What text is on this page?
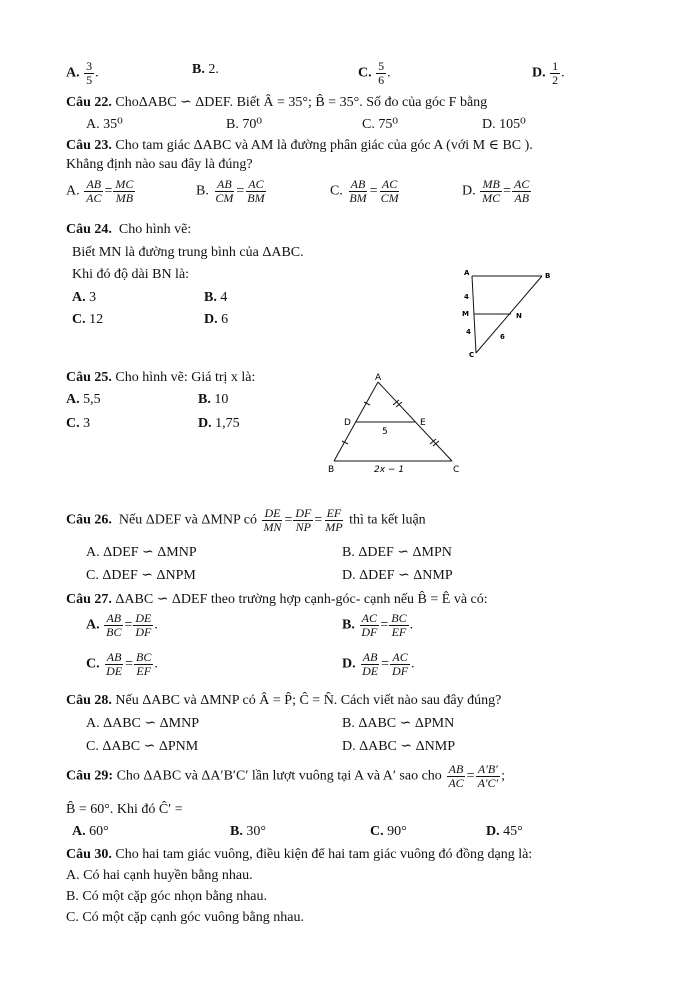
A. $\frac{3}{5}$ .	B. 2.	C. $\frac{5}{6}$ .	D. $\frac{1}{2}$ .
Câu 22. ChoΔABC ∽ ΔDEF. Biết Â = 35°; B̂ = 35°. Số đo của góc F bằng
A. 35⁰	B. 70⁰	C. 75⁰	D. 105⁰
Câu 23. Cho tam giác ΔABC và AM là đường phân giác của góc A (với M ∈ BC ).
Khẳng định nào sau đây là đúng?
A. $\frac{AB}{AC} = \frac{MC}{MB}$	B. $\frac{AB}{CM} = \frac{AC}{BM}$	C. $\frac{AB}{BM} = \frac{AC}{CM}$	D. $\frac{MB}{MC} = \frac{AC}{AB}$
Câu 24. Cho hình vẽ:
Biết MN là đường trung bình của ΔABC.
Khi đó độ dài BN là:
A. 3	B. 4
C. 12	D. 6
A	B
M	N
C
4
4
6
Câu 25. Cho hình vẽ: Giá trị x là:
A. 5,5	B. 10
C. 3	D. 1,75
A
D	E
5
B	C
2x − 1
Câu 26. Nếu ΔDEF và ΔMNP có $\frac{DE}{MN} = \frac{DF}{NP} = \frac{EF}{MP}$ thì ta kết luận
A. ΔDEF ∽ ΔMNP	B. ΔDEF ∽ ΔMPN
C. ΔDEF ∽ ΔNPM	D. ΔDEF ∽ ΔNMP
Câu 27. ΔABC ∽ ΔDEF theo trường hợp cạnh-góc- cạnh nếu B̂ = Ê và có:
A. $\frac{AB}{BC} = \frac{DE}{DF}$ .	B. $\frac{AC}{DF} = \frac{BC}{EF}$ .
C. $\frac{AB}{DE} = \frac{BC}{EF}$ .	D. $\frac{AB}{DE} = \frac{AC}{DF}$ .
Câu 28. Nếu ΔABC và ΔMNP có Â = P̂; Ĉ = N̂. Cách viết nào sau đây đúng?
A. ΔABC ∽ ΔMNP	B. ΔABC ∽ ΔPMN
C. ΔABC ∽ ΔPNM	D. ΔABC ∽ ΔNMP
Câu 29: Cho ΔABC và ΔA′B′C′ lần lượt vuông tại A và A′ sao cho $\frac{AB}{AC} = \frac{A'B'}{A'C'}$ ;
B̂ = 60°. Khi đó Ĉ′ =
A. 60°	B. 30°	C. 90°	D. 45°
Câu 30. Cho hai tam giác vuông, điều kiện để hai tam giác vuông đó đồng dạng là:
A. Có hai cạnh huyền bằng nhau.
B. Có một cặp góc nhọn bằng nhau.
C. Có một cặp cạnh góc vuông bằng nhau.
